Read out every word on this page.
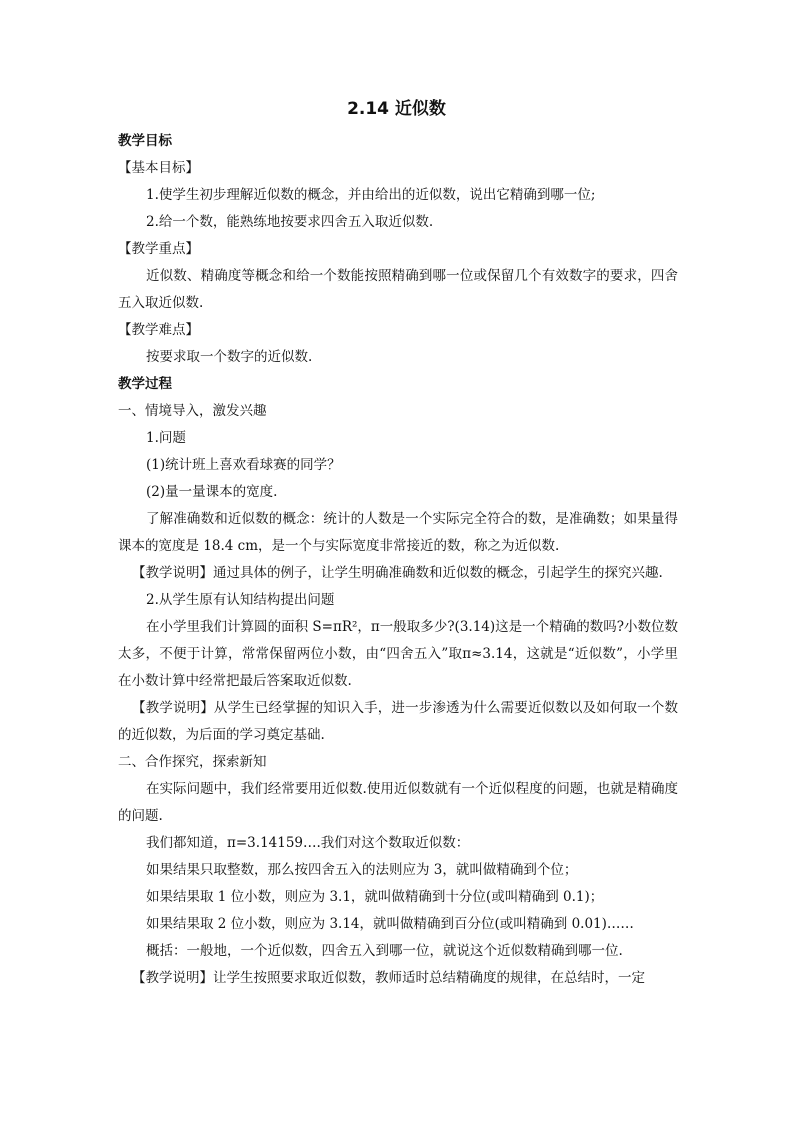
2.14 近似数

教学目标

【基本目标】

1.使学生初步理解近似数的概念，并由给出的近似数，说出它精确到哪一位;

2.给一个数，能熟练地按要求四舍五入取近似数.

【教学重点】

近似数、精确度等概念和给一个数能按照精确到哪一位或保留几个有效数字的要求，四舍五入取近似数.

【教学难点】

按要求取一个数字的近似数.

教学过程

一、情境导入，激发兴趣

1.问题

(1)统计班上喜欢看球赛的同学？

(2)量一量课本的宽度.

了解准确数和近似数的概念：统计的人数是一个实际完全符合的数，是准确数；如果量得课本的宽度是 18.4 cm，是一个与实际宽度非常接近的数，称之为近似数.

【教学说明】通过具体的例子，让学生明确准确数和近似数的概念，引起学生的探究兴趣.

2.从学生原有认知结构提出问题

在小学里我们计算圆的面积 S=πR²，π一般取多少?(3.14)这是一个精确的数吗?小数位数太多，不便于计算，常常保留两位小数，由“四舍五入”取π≈3.14，这就是“近似数”，小学里在小数计算中经常把最后答案取近似数.

【教学说明】从学生已经掌握的知识入手，进一步渗透为什么需要近似数以及如何取一个数的近似数，为后面的学习奠定基础.

二、合作探究，探索新知

在实际问题中，我们经常要用近似数.使用近似数就有一个近似程度的问题，也就是精确度的问题.

我们都知道，π=3.14159….我们对这个数取近似数：

如果结果只取整数，那么按四舍五入的法则应为 3，就叫做精确到个位；

如果结果取 1 位小数，则应为 3.1，就叫做精确到十分位(或叫精确到 0.1)；

如果结果取 2 位小数，则应为 3.14，就叫做精确到百分位(或叫精确到 0.01)……

概括：一般地，一个近似数，四舍五入到哪一位，就说这个近似数精确到哪一位.

【教学说明】让学生按照要求取近似数，教师适时总结精确度的规律，在总结时，一定
